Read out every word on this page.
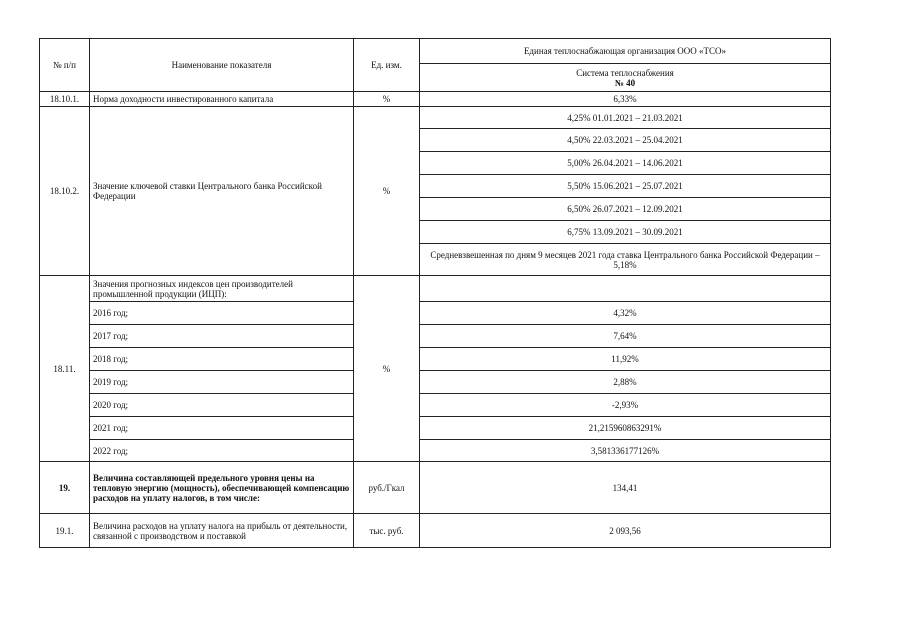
№ п/п	Наименование показателя	Ед. изм.	Единая теплоснабжающая организация ООО «ТСО»

			Система теплоснабжения
№ 40

18.10.1.	Норма доходности инвестированного капитала	%	6,33%
18.10.2.	Значение ключевой ставки Центрального банка Российской Федерации	%	4,25% 01.01.2021 – 21.03.2021
			4,50% 22.03.2021 – 25.04.2021
			5,00% 26.04.2021 – 14.06.2021
			5,50% 15.06.2021 – 25.07.2021
			6,50% 26.07.2021 – 12.09.2021
			6,75% 13.09.2021 – 30.09.2021
			Средневзвешенная по дням 9 месяцев 2021 года ставка Центрального банка Российской Федерации – 5,18%
18.11.	Значения прогнозных индексов цен производителей промышленной продукции (ИЦП):	%	
	2016 год;		4,32%
	2017 год;		7,64%
	2018 год;		11,92%
	2019 год;		2,88%
	2020 год;		-2,93%
	2021 год;		21,215960863291%
	2022 год;		3,581336177126%
19.	Величина составляющей предельного уровня цены на тепловую энергию (мощность), обеспечивающей компенсацию расходов на уплату налогов, в том числе:	руб./Гкал	134,41
19.1.	Величина расходов на уплату налога на прибыль от деятельности, связанной с производством и поставкой	тыс. руб.	2 093,56
